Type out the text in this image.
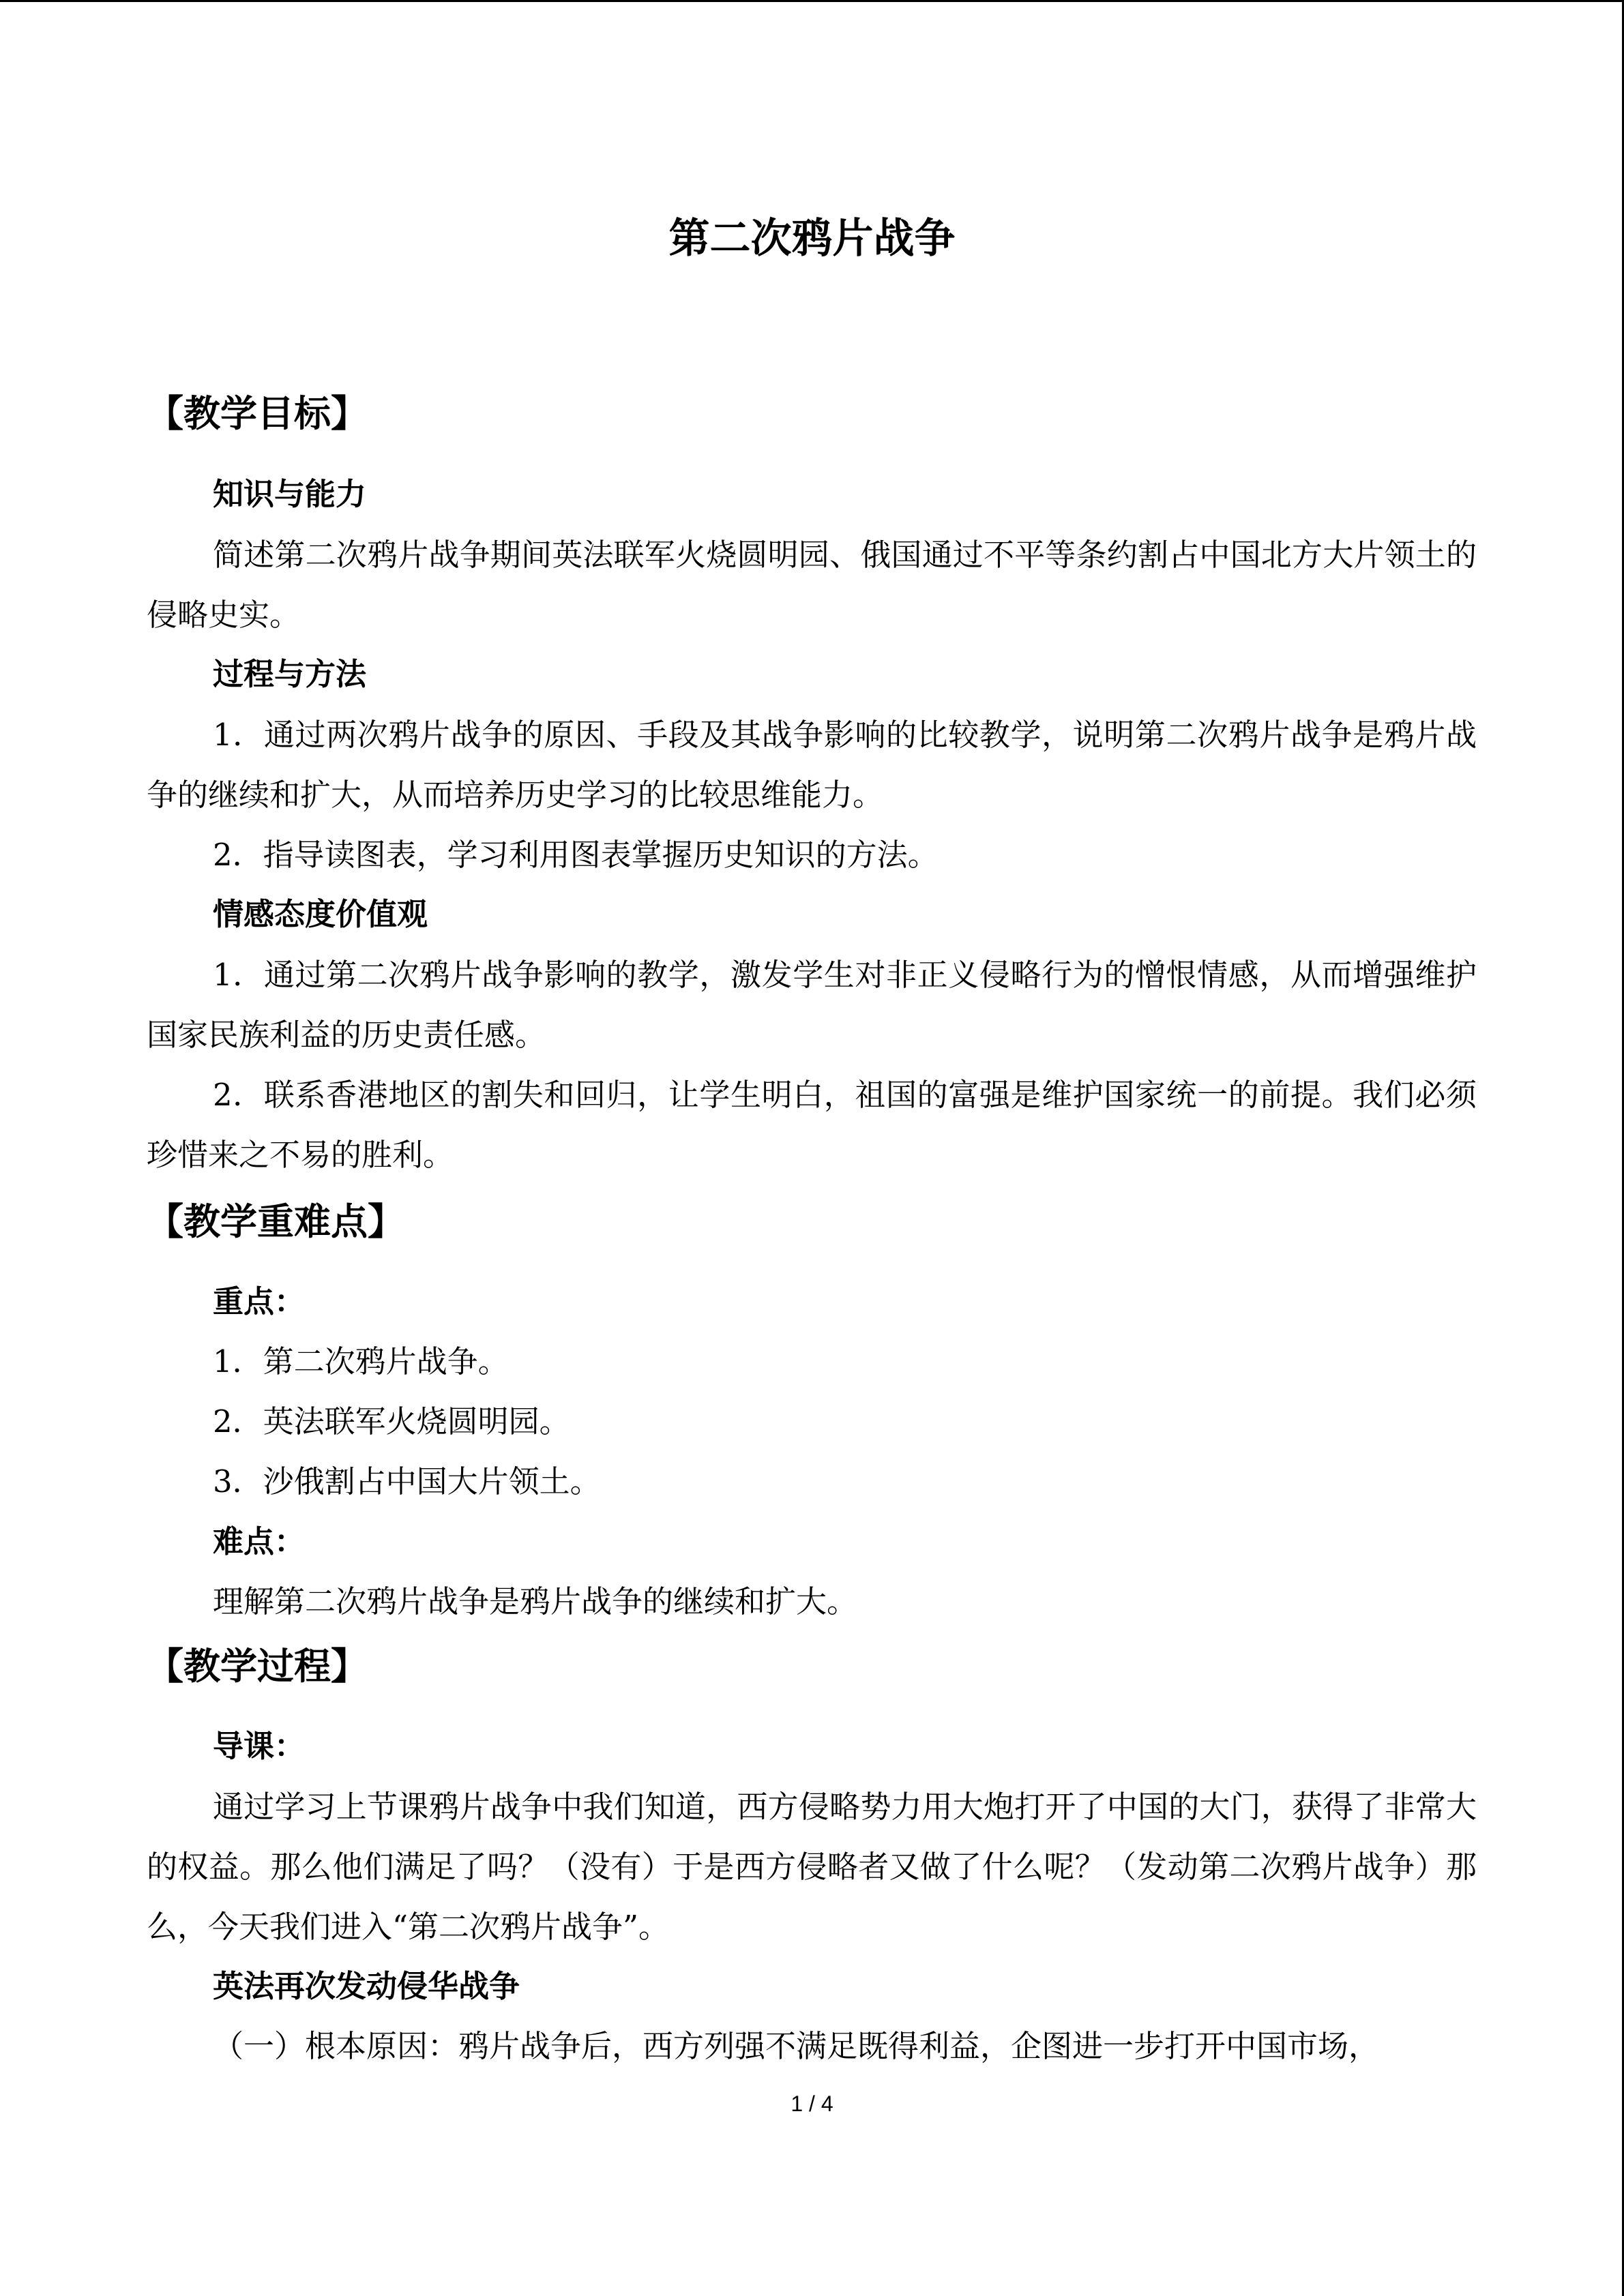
第二次鸦片战争
【教学目标】
知识与能力
简述第二次鸦片战争期间英法联军火烧圆明园、俄国通过不平等条约割占中国北方大片领土的侵略史实。
过程与方法
1．通过两次鸦片战争的原因、手段及其战争影响的比较教学，说明第二次鸦片战争是鸦片战争的继续和扩大，从而培养历史学习的比较思维能力。
2．指导读图表，学习利用图表掌握历史知识的方法。
情感态度价值观
1．通过第二次鸦片战争影响的教学，激发学生对非正义侵略行为的憎恨情感，从而增强维护国家民族利益的历史责任感。
2．联系香港地区的割失和回归，让学生明白，祖国的富强是维护国家统一的前提。我们必须珍惜来之不易的胜利。
【教学重难点】
重点：
1．第二次鸦片战争。
2．英法联军火烧圆明园。
3．沙俄割占中国大片领土。
难点：
理解第二次鸦片战争是鸦片战争的继续和扩大。
【教学过程】
导课：
通过学习上节课鸦片战争中我们知道，西方侵略势力用大炮打开了中国的大门，获得了非常大的权益。那么他们满足了吗？（没有）于是西方侵略者又做了什么呢？（发动第二次鸦片战争）那么，今天我们进入“第二次鸦片战争”。
英法再次发动侵华战争
（一）根本原因：鸦片战争后，西方列强不满足既得利益，企图进一步打开中国市场，
1 / 4
